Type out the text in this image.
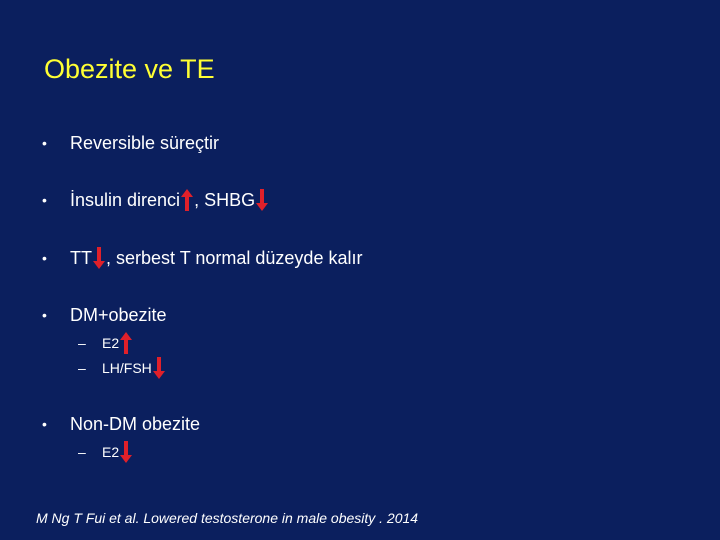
Obezite ve TE
•	Reversible süreçtir
•	İnsulin direnci , SHBG
•	TT , serbest T normal düzeyde kalır
•	DM+obezite
–	E2
–	LH/FSH
•	Non-DM obezite
–	E2
M Ng T Fui et al. Lowered testosterone in male obesity . 2014
